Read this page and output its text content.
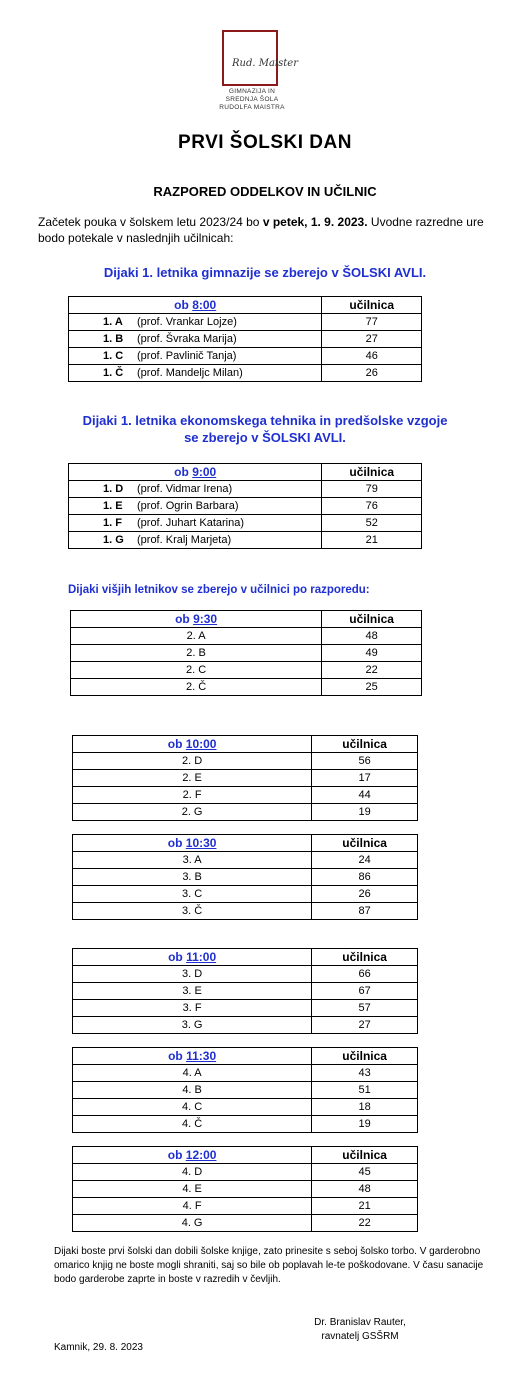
Rud. Maister
GIMNAZIJA IN
SREDNJA ŠOLA
RUDOLFA MAISTRA
PRVI ŠOLSKI DAN
RAZPORED ODDELKOV IN UČILNIC
Začetek pouka v šolskem letu 2023/24 bo v petek, 1. 9. 2023. Uvodne razredne ure bodo potekale v naslednjih učilnicah:
Dijaki 1. letnika gimnazije se zberejo v ŠOLSKI AVLI.
ob 8:00	učilnica
1. A (prof. Vrankar Lojze)	77
1. B (prof. Švraka Marija)	27
1. C (prof. Pavlinič Tanja)	46
1. Č (prof. Mandeljc Milan)	26
Dijaki 1. letnika ekonomskega tehnika in predšolske vzgoje
se zberejo v ŠOLSKI AVLI.
ob 9:00	učilnica
1. D (prof. Vidmar Irena)	79
1. E (prof. Ogrin Barbara)	76
1. F (prof. Juhart Katarina)	52
1. G (prof. Kralj Marjeta)	21
Dijaki višjih letnikov se zberejo v učilnici po razporedu:
ob 9:30	učilnica
2. A	48
2. B	49
2. C	22
2. Č	25
ob 10:00	učilnica
2. D	56
2. E	17
2. F	44
2. G	19
ob 10:30	učilnica
3. A	24
3. B	86
3. C	26
3. Č	87
ob 11:00	učilnica
3. D	66
3. E	67
3. F	57
3. G	27
ob 11:30	učilnica
4. A	43
4. B	51
4. C	18
4. Č	19
ob 12:00	učilnica
4. D	45
4. E	48
4. F	21
4. G	22
Dijaki boste prvi šolski dan dobili šolske knjige, zato prinesite s seboj šolsko torbo. V garderobno omarico knjig ne boste mogli shraniti, saj so bile ob poplavah le-te poškodovane. V času sanacije bodo garderobe zaprte in boste v razredih v čevljih.
Dr. Branislav Rauter,
ravnatelj GSŠRM
Kamnik, 29. 8. 2023
